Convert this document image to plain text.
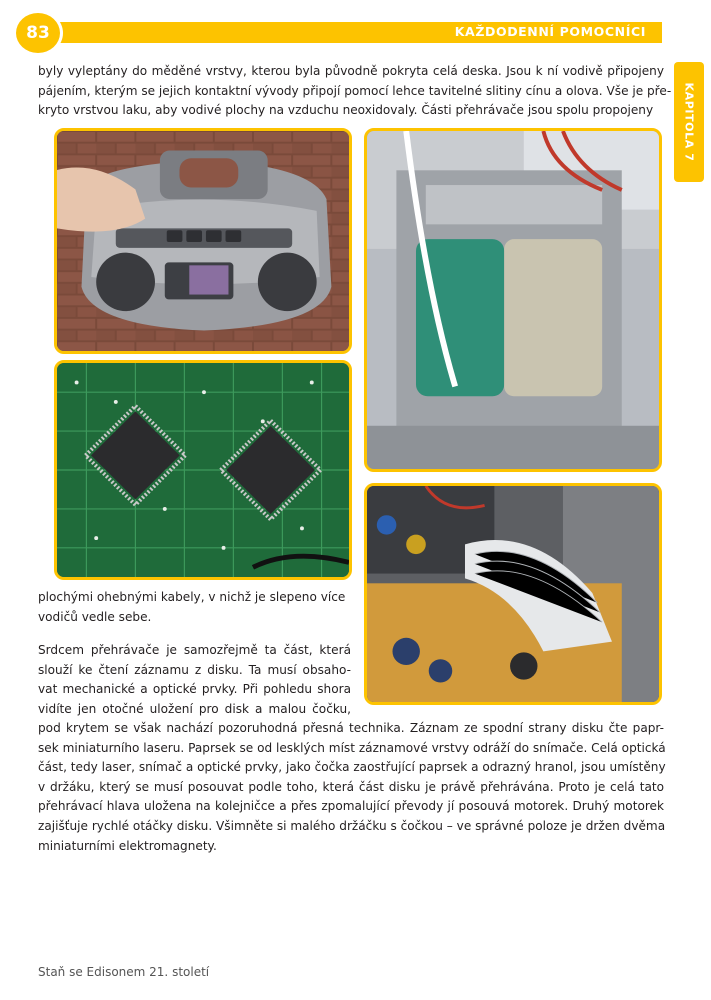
KAŽDODENNÍ POMOCNÍCI
83
KAPITOLA 7
byly vyleptány do měděné vrstvy, kterou byla původně pokryta celá deska. Jsou k ní vodivě připojeny
pájením, kterým se jejich kontaktní vývody připojí pomocí lehce tavitelné slitiny cínu a olova. Vše je pře-
kryto vrstvou laku, aby vodivé plochy na vzduchu neoxidovaly. Části přehrávače jsou spolu propojeny
plochými ohebnými kabely, v nichž je slepeno více
vodičů vedle sebe.
Srdcem přehrávače je samozřejmě ta část, která
slouží ke čtení záznamu z disku. Ta musí obsaho-
vat mechanické a optické prvky. Při pohledu shora
vidíte jen otočné uložení pro disk a malou čočku,
pod krytem se však nachází pozoruhodná přesná technika. Záznam ze spodní strany disku čte papr-
sek miniaturního laseru. Paprsek se od lesklých míst záznamové vrstvy odráží do snímače. Celá optická
část, tedy laser, snímač a optické prvky, jako čočka zaostřující paprsek a odrazný hranol, jsou umístěny
v držáku, který se musí posouvat podle toho, která část disku je právě přehrávána. Proto je celá tato
přehrávací hlava uložena na kolejničce a přes zpomalující převody jí posouvá motorek. Druhý motorek
zajišťuje rychlé otáčky disku. Všimněte si malého držáčku s čočkou – ve správné poloze je držen dvěma
miniaturními elektromagnety.
Staň se Edisonem 21. století
